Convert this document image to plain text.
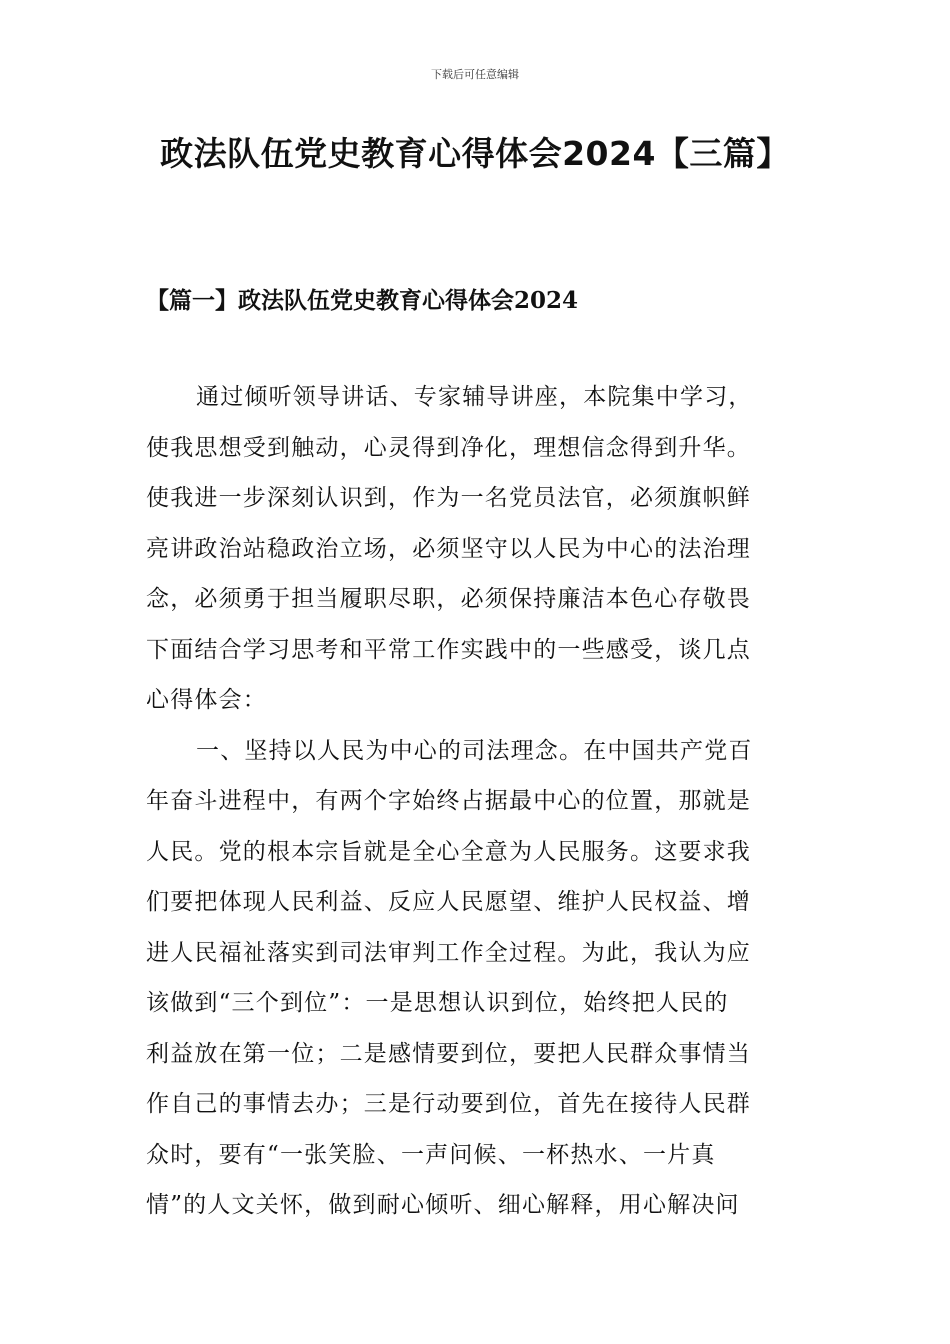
下载后可任意编辑
政法队伍党史教育心得体会2024【三篇】
【篇一】政法队伍党史教育心得体会2024
通过倾听领导讲话、专家辅导讲座，本院集中学习，
使我思想受到触动，心灵得到净化，理想信念得到升华。
使我进一步深刻认识到，作为一名党员法官，必须旗帜鲜
亮讲政治站稳政治立场，必须坚守以人民为中心的法治理
念，必须勇于担当履职尽职，必须保持廉洁本色心存敬畏
下面结合学习思考和平常工作实践中的一些感受，谈几点
心得体会：
一、坚持以人民为中心的司法理念。在中国共产党百
年奋斗进程中，有两个字始终占据最中心的位置，那就是
人民。党的根本宗旨就是全心全意为人民服务。这要求我
们要把体现人民利益、反应人民愿望、维护人民权益、增
进人民福祉落实到司法审判工作全过程。为此，我认为应
该做到“三个到位”：一是思想认识到位，始终把人民的
利益放在第一位；二是感情要到位，要把人民群众事情当
作自己的事情去办；三是行动要到位，首先在接待人民群
众时，要有“一张笑脸、一声问候、一杯热水、一片真
情”的人文关怀，做到耐心倾听、细心解释，用心解决问
